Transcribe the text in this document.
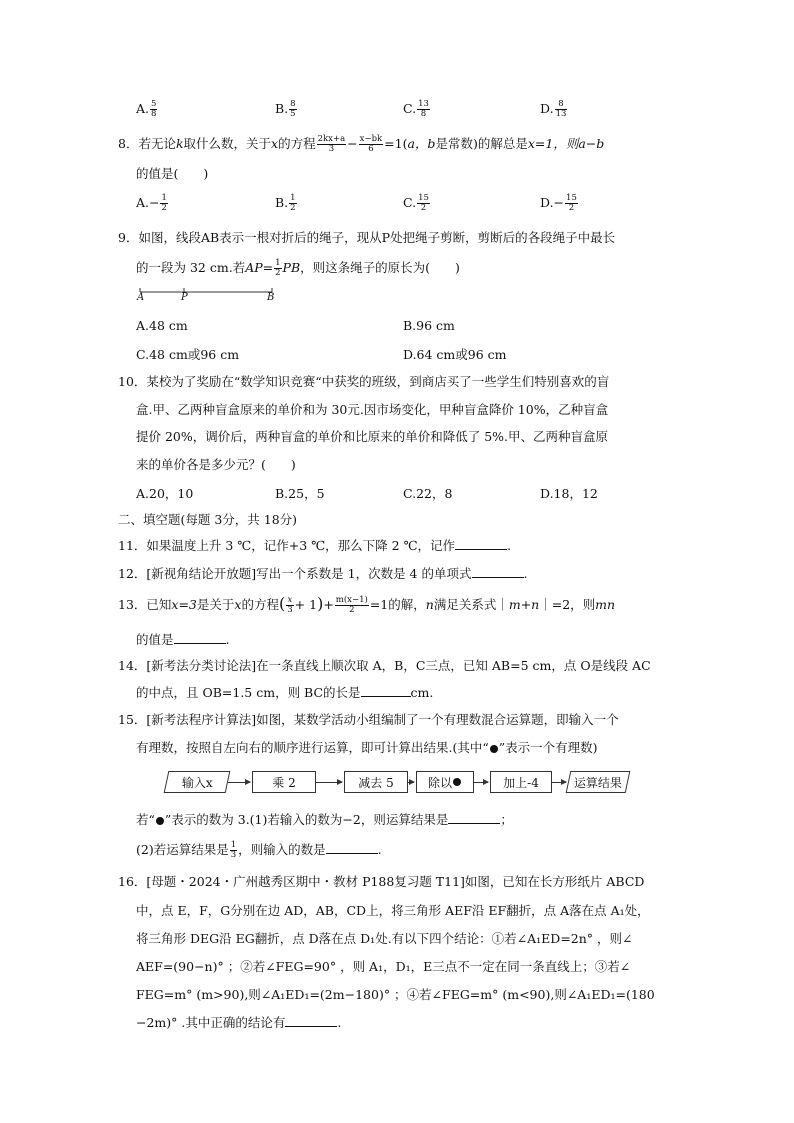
A. $\frac{5}{8}$	B. $\frac{8}{5}$	C. $\frac{13}{8}$	D. $\frac{8}{13}$
8．若无论k取什么数，关于x的方程 $\frac{2kx+a}{3} - \frac{x-bk}{6} =1(a$，b是常数)的解总是x=1，则a−b
的值是(　　)
$A.- \frac{1}{2}$	B. $\frac{1}{2}$	C. $\frac{15}{2}$	$D.- \frac{15}{2}$
9．如图，线段AB表示一根对折后的绳子，现从P处把绳子剪断，剪断后的各段绳子中最长
的一段为 32 cm.若$AP= \frac{1}{2}$ PB，则这条绳子的原长为(　　)
A	P	B
A.48 cm	B.96 cm
C.48 cm或96 cm	D.64 cm或96 cm
10．某校为了奖励在“数学知识竞赛“中获奖的班级，到商店买了一些学生们特别喜欢的盲
盒.甲、乙两种盲盒原来的单价和为 30元.因市场变化，甲种盲盒降价 10%，乙种盲盒
提价 20%，调价后，两种盲盒的单价和比原来的单价和降低了 5%.甲、乙两种盲盒原
来的单价各是多少元？(　　)
A.20，10	B.25，5	C.22，8	D.18，12
二、填空题(每题 3分，共 18分)
11．如果温度上升 3 ℃，记作+3 ℃，那么下降 2 ℃，记作	.
12．[新视角结论开放题]写出一个系数是 1，次数是 4 的单项式	.
13．已知x=3是关于x的方程( $\frac{x}{3} + 1)+ \frac{m(x-1)}{2} =1$的解，n满足关系式｜m+n｜=2，则mn
的值是	.
14．[新考法分类讨论法]在一条直线上顺次取 A，B，C三点，已知 AB=5 cm，点 O是线段 AC
的中点，且 OB=1.5 cm，则 BC的长是	cm.
15．[新考法程序计算法]如图，某数学活动小组编制了一个有理数混合运算题，即输入一个
有理数，按照自左向右的顺序进行运算，即可计算出结果.(其中“ ”表示一个有理数)
输入x	乘 2	减去 5	除以	加上-4	运算结果
若“ ”表示的数为 3.(1)若输入的数为−2，则运算结果是	；
(2)若运算结果是 $\frac{1}{3}$ ，则输入的数是	.
16．[母题・2024・广州越秀区期中・教材 P188复习题 T11]如图，已知在长方形纸片 ABCD
中，点 E，F，G分别在边 AD，AB，CD上，将三角形 AEF沿 EF翻折，点 A落在点 A₁处，
将三角形 DEG沿 EG翻折，点 D落在点 D₁处.有以下四个结论：①若∠A₁ED=2n° ，则∠
AEF=(90−n)° ；②若∠FEG=90° ，则 A₁，D₁，E三点不一定在同一条直线上；③若∠
FEG=m° (m>90),则∠A₁ED₁=(2m−180)° ；④若∠FEG=m° (m<90),则∠A₁ED₁=(180
−2m)° .其中正确的结论有	.
